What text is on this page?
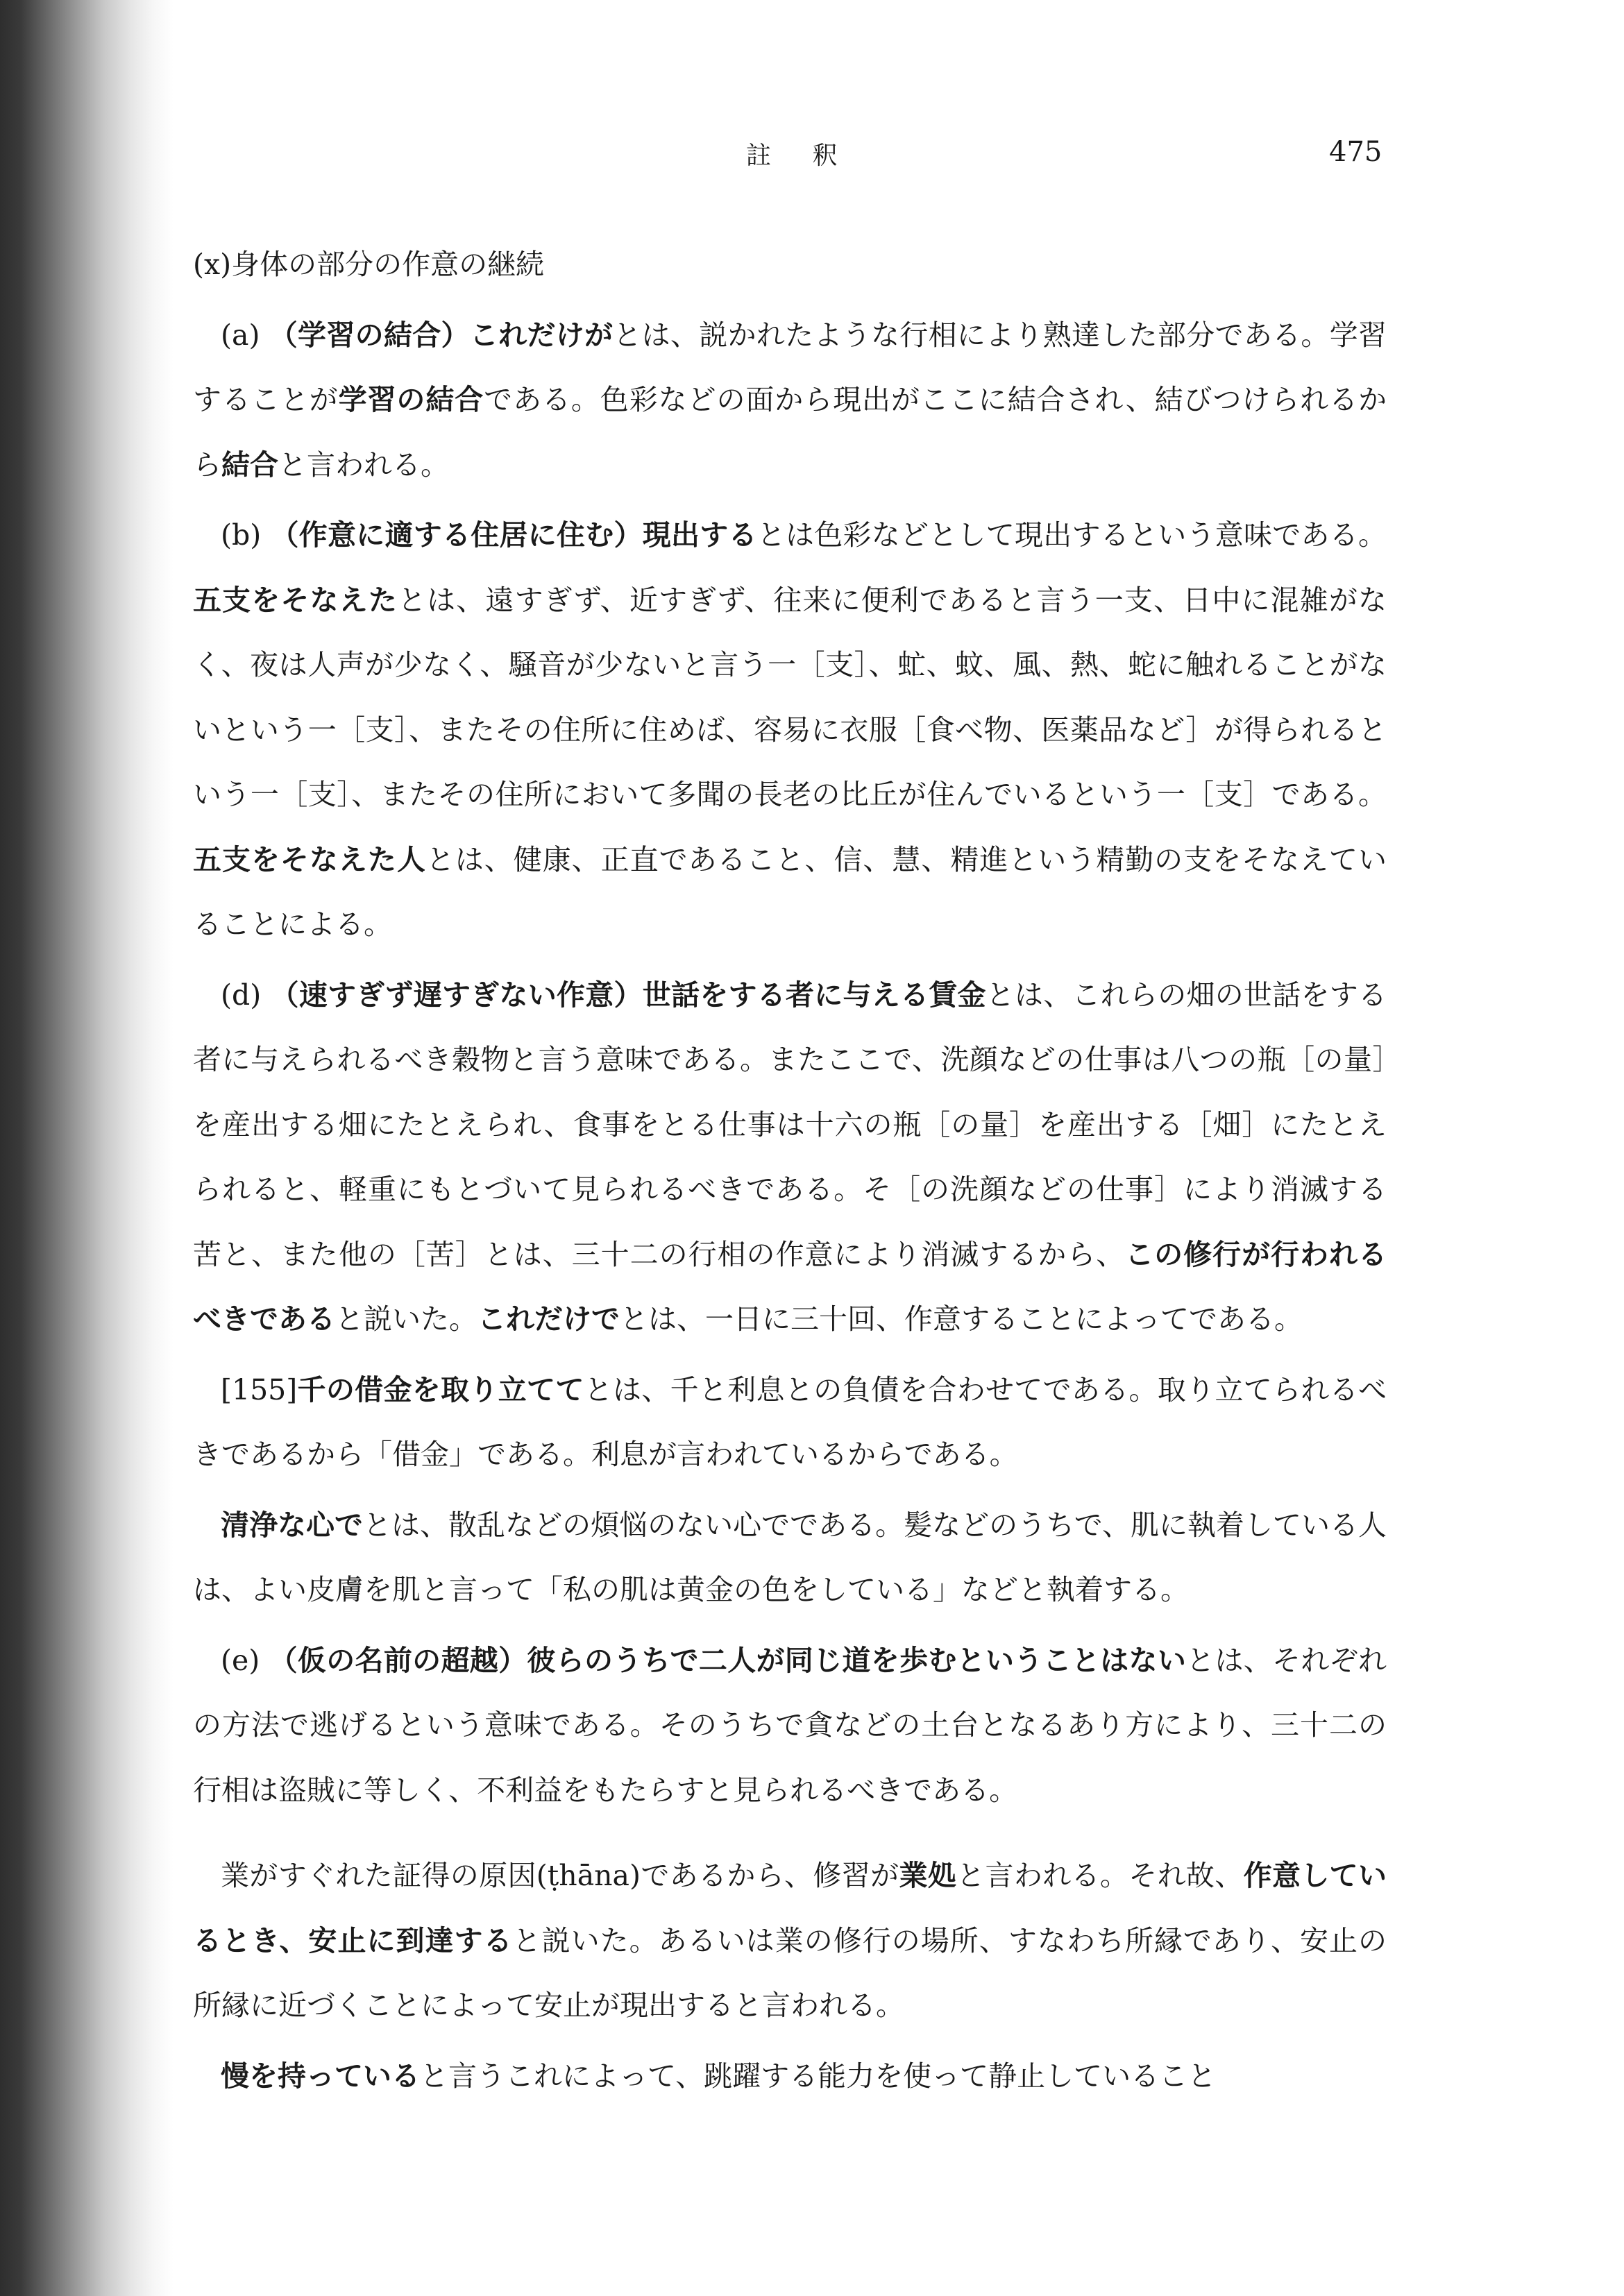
註 釈	475
(x)身体の部分の作意の継続

(a) （学習の結合）これだけがとは、説かれたような行相により熟達した部分である。学習することが学習の結合である。色彩などの面から現出がここに結合され、結びつけられるから結合と言われる。

(b) （作意に適する住居に住む）現出するとは色彩などとして現出するという意味である。五支をそなえたとは、遠すぎず、近すぎず、往来に便利であると言う一支、日中に混雑がなく、夜は人声が少なく、騒音が少ないと言う一［支］、虻、蚊、風、熱、蛇に触れることがないという一［支］、またその住所に住めば、容易に衣服［食べ物、医薬品など］が得られるという一［支］、またその住所において多聞の長老の比丘が住んでいるという一［支］である。五支をそなえた人とは、健康、正直であること、信、慧、精進という精勤の支をそなえていることによる。

(d) （速すぎず遅すぎない作意）世話をする者に与える賃金とは、これらの畑の世話をする者に与えられるべき穀物と言う意味である。またここで、洗顔などの仕事は八つの瓶［の量］を産出する畑にたとえられ、食事をとる仕事は十六の瓶［の量］を産出する［畑］にたとえられると、軽重にもとづいて見られるべきである。そ［の洗顔などの仕事］により消滅する苦と、また他の［苦］とは、三十二の行相の作意により消滅するから、この修行が行われるべきであると説いた。これだけでとは、一日に三十回、作意することによってである。

[155]千の借金を取り立ててとは、千と利息との負債を合わせてである。取り立てられるべきであるから「借金」である。利息が言われているからである。

清浄な心でとは、散乱などの煩悩のない心でである。髪などのうちで、肌に執着している人は、よい皮膚を肌と言って「私の肌は黄金の色をしている」などと執着する。

(e) （仮の名前の超越）彼らのうちで二人が同じ道を歩むということはないとは、それぞれの方法で逃げるという意味である。そのうちで貪などの土台となるあり方により、三十二の行相は盗賊に等しく、不利益をもたらすと見られるべきである。

業がすぐれた証得の原因(ṭhāna)であるから、修習が業処と言われる。それ故、作意しているとき、安止に到達すると説いた。あるいは業の修行の場所、すなわち所縁であり、安止の所縁に近づくことによって安止が現出すると言われる。

慢を持っていると言うこれによって、跳躍する能力を使って静止していること
